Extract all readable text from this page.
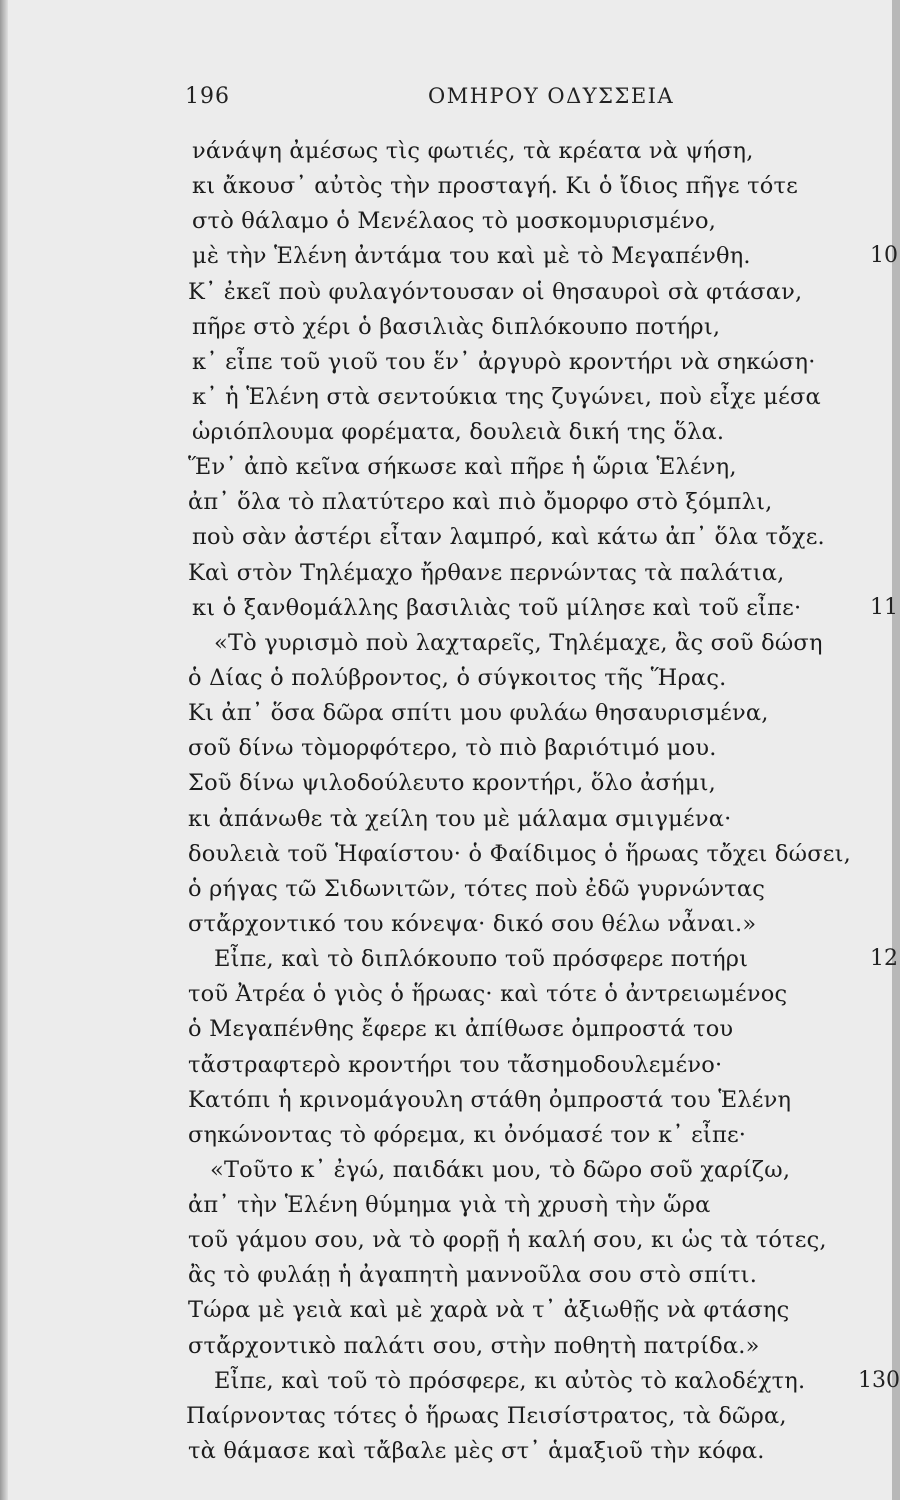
196	ΟΜΗΡΟΥ ΟΔΥΣΣΕΙΑ
νάνάψη ἀμέσως τὶς φωτιές, τὰ κρέατα νὰ ψήση,
κι ἄκουσ᾽ αὐτὸς τὴν προσταγή. Κι ὁ ἴδιος πῆγε τότε
στὸ θάλαμο ὁ Μενέλαος τὸ μοσκομυρισμένο,
μὲ τὴν Ἑλένη ἀντάμα του καὶ μὲ τὸ Μεγαπένθη.
Κ᾽ ἐκεῖ ποὺ φυλαγόντουσαν οἱ θησαυροὶ σὰ φτάσαν,
πῆρε στὸ χέρι ὁ βασιλιὰς διπλόκουπο ποτήρι,
κ᾽ εἶπε τοῦ γιοῦ του ἕν᾽ ἀργυρὸ κροντήρι νὰ σηκώση·
κ᾽ ἡ Ἑλένη στὰ σεντούκια της ζυγώνει, ποὺ εἶχε μέσα
ὡριόπλουμα φορέματα, δουλειὰ δική της ὅλα.
Ἕν᾽ ἀπὸ κεῖνα σήκωσε καὶ πῆρε ἡ ὥρια Ἑλένη,
ἀπ᾽ ὅλα τὸ πλατύτερο καὶ πιὸ ὄμορφο στὸ ξόμπλι,
ποὺ σὰν ἀστέρι εἶταν λαμπρό, καὶ κάτω ἀπ᾽ ὅλα τὄχε.
Καὶ στὸν Τηλέμαχο ἤρθανε περνώντας τὰ παλάτια,
κι ὁ ξανθομάλλης βασιλιὰς τοῦ μίλησε καὶ τοῦ εἶπε·
«Τὸ γυρισμὸ ποὺ λαχταρεῖς, Τηλέμαχε, ἂς σοῦ δώση
ὁ Δίας ὁ πολύβροντος, ὁ σύγκοιτος τῆς Ἥρας.
Κι ἀπ᾽ ὅσα δῶρα σπίτι μου φυλάω θησαυρισμένα,
σοῦ δίνω τὸμορφότερο, τὸ πιὸ βαριότιμό μου.
Σοῦ δίνω ψιλοδούλευτο κροντήρι, ὅλο ἀσήμι,
κι ἀπάνωθε τὰ χείλη του μὲ μάλαμα σμιγμένα·
δουλειὰ τοῦ Ἡφαίστου· ὁ Φαίδιμος ὁ ἥρωας τὄχει δώσει,
ὁ ρήγας τῶ Σιδωνιτῶν, τότες ποὺ ἐδῶ γυρνώντας
στἄρχοντικό του κόνεψα· δικό σου θέλω νἆναι.»
Εἶπε, καὶ τὸ διπλόκουπο τοῦ πρόσφερε ποτήρι
τοῦ Ἀτρέα ὁ γιὸς ὁ ἥρωας· καὶ τότε ὁ ἀντρειωμένος
ὁ Μεγαπένθης ἔφερε κι ἀπίθωσε ὀμπροστά του
τἄστραφτερὸ κροντήρι του τἄσημοδουλεμένο·
Κατόπι ἡ κρινομάγουλη στάθη ὀμπροστά του Ἑλένη
σηκώνοντας τὸ φόρεμα, κι ὀνόμασέ τον κ᾽ εἶπε·
«Τοῦτο κ᾽ ἐγώ, παιδάκι μου, τὸ δῶρο σοῦ χαρίζω,
ἀπ᾽ τὴν Ἑλένη θύμημα γιὰ τὴ χρυσὴ τὴν ὥρα
τοῦ γάμου σου, νὰ τὸ φορῇ ἡ καλή σου, κι ὡς τὰ τότες,
ἂς τὸ φυλάῃ ἡ ἀγαπητὴ μαννοῦλα σου στὸ σπίτι.
Τώρα μὲ γειὰ καὶ μὲ χαρὰ νὰ τ᾽ ἀξιωθῇς νὰ φτάσης
στἄρχοντικὸ παλάτι σου, στὴν ποθητὴ πατρίδα.»
Εἶπε, καὶ τοῦ τὸ πρόσφερε, κι αὐτὸς τὸ καλοδέχτη.
Παίρνοντας τότες ὁ ἥρωας Πεισίστρατος, τὰ δῶρα,
τὰ θάμασε καὶ τἄβαλε μὲς στ᾽ ἁμαξιοῦ τὴν κόφα.
10
11
12
130
